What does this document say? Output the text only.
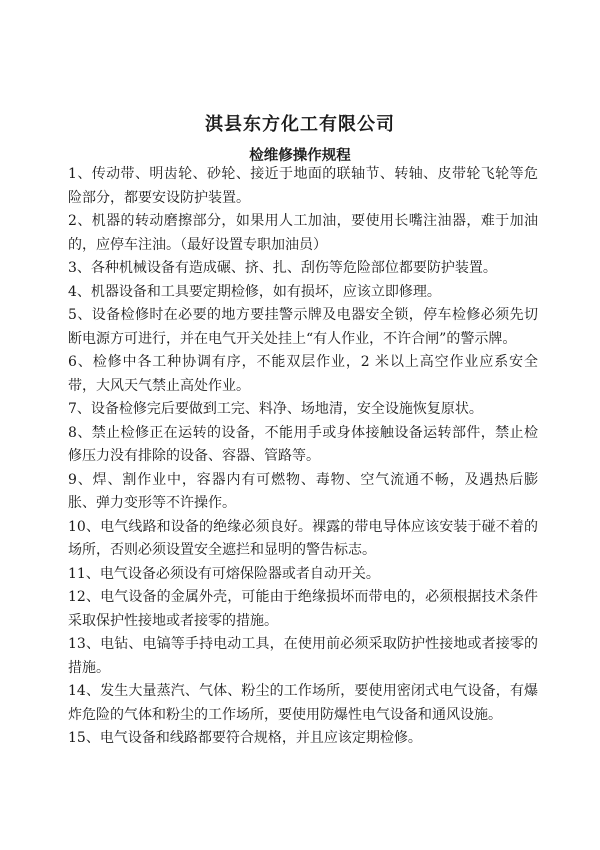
淇县东方化工有限公司
检维修操作规程
1、传动带、明齿轮、砂轮、接近于地面的联轴节、转轴、皮带轮飞轮等危险部分，都要安设防护装置。
2、机器的转动磨擦部分，如果用人工加油，要使用长嘴注油器，难于加油的，应停车注油。（最好设置专职加油员）
3、各种机械设备有造成碾、挤、扎、刮伤等危险部位都要防护装置。
4、机器设备和工具要定期检修，如有损坏，应该立即修理。
5、设备检修时在必要的地方要挂警示牌及电器安全锁，停车检修必须先切断电源方可进行，并在电气开关处挂上“有人作业，不许合闸”的警示牌。
6、检修中各工种协调有序，不能双层作业，2 米以上高空作业应系安全带，大风天气禁止高处作业。
7、设备检修完后要做到工完、料净、场地清，安全设施恢复原状。
8、禁止检修正在运转的设备，不能用手或身体接触设备运转部件，禁止检修压力没有排除的设备、容器、管路等。
9、焊、割作业中，容器内有可燃物、毒物、空气流通不畅，及遇热后膨胀、弹力变形等不许操作。
10、电气线路和设备的绝缘必须良好。裸露的带电导体应该安装于碰不着的场所，否则必须设置安全遮拦和显明的警告标志。
11、电气设备必须设有可熔保险器或者自动开关。
12、电气设备的金属外壳，可能由于绝缘损坏而带电的，必须根据技术条件采取保护性接地或者接零的措施。
13、电钻、电镐等手持电动工具，在使用前必须采取防护性接地或者接零的措施。
14、发生大量蒸汽、气体、粉尘的工作场所，要使用密闭式电气设备，有爆炸危险的气体和粉尘的工作场所，要使用防爆性电气设备和通风设施。
15、电气设备和线路都要符合规格，并且应该定期检修。
